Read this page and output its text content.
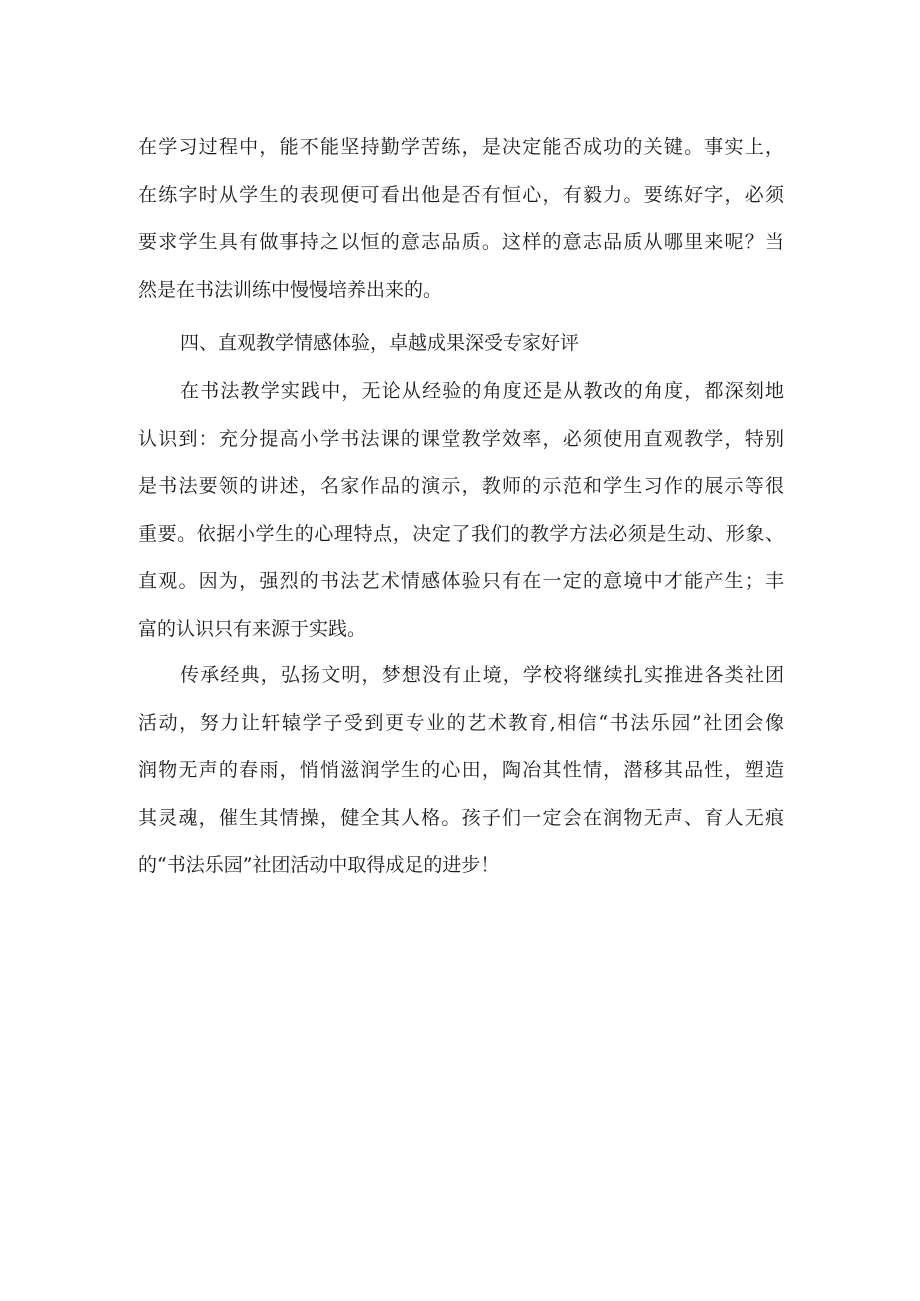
在学习过程中，能不能坚持勤学苦练，是决定能否成功的关键。事实上，
在练字时从学生的表现便可看出他是否有恒心，有毅力。要练好字，必须
要求学生具有做事持之以恒的意志品质。这样的意志品质从哪里来呢？当
然是在书法训练中慢慢培养出来的。
四、直观教学情感体验，卓越成果深受专家好评
在书法教学实践中，无论从经验的角度还是从教改的角度，都深刻地
认识到：充分提高小学书法课的课堂教学效率，必须使用直观教学，特别
是书法要领的讲述，名家作品的演示，教师的示范和学生习作的展示等很
重要。依据小学生的心理特点，决定了我们的教学方法必须是生动、形象、
直观。因为，强烈的书法艺术情感体验只有在一定的意境中才能产生；丰
富的认识只有来源于实践。
传承经典，弘扬文明，梦想没有止境，学校将继续扎实推进各类社团
活动，努力让轩辕学子受到更专业的艺术教育,相信“书法乐园”社团会像
润物无声的春雨，悄悄滋润学生的心田，陶冶其性情，潜移其品性，塑造
其灵魂，催生其情操，健全其人格。孩子们一定会在润物无声、育人无痕
的“书法乐园”社团活动中取得成足的进步！
